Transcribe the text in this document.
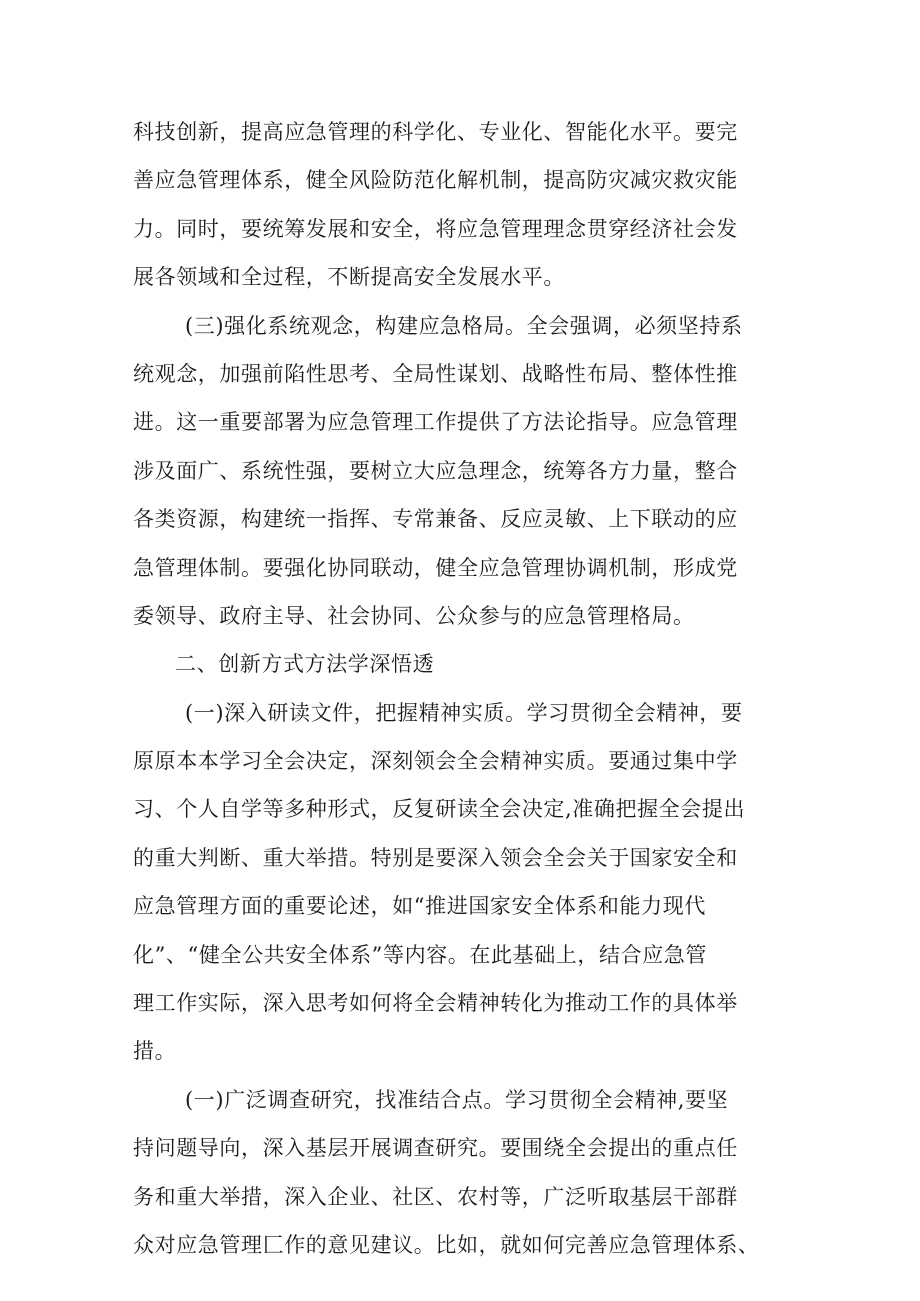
科技创新，提高应急管理的科学化、专业化、智能化水平。要完
善应急管理体系，健全风险防范化解机制，提高防灾减灾救灾能
力。同时，要统筹发展和安全，将应急管理理念贯穿经济社会发
展各领域和全过程，不断提高安全发展水平。
(三)强化系统观念，构建应急格局。全会强调，必须坚持系
统观念，加强前陷性思考、全局性谋划、战略性布局、整体性推
进。这一重要部署为应急管理工作提供了方法论指导。应急管理
涉及面广、系统性强，要树立大应急理念，统筹各方力量，整合
各类资源，构建统一指挥、专常兼备、反应灵敏、上下联动的应
急管理体制。要强化协同联动，健全应急管理协调机制，形成党
委领导、政府主导、社会协同、公众参与的应急管理格局。
二、创新方式方法学深悟透
(一)深入研读文件，把握精神实质。学习贯彻全会精神，要
原原本本学习全会决定，深刻领会全会精神实质。要通过集中学
习、个人自学等多种形式，反复研读全会决定,准确把握全会提出
的重大判断、重大举措。特别是要深入领会全会关于国家安全和
应急管理方面的重要论述，如“推进国家安全体系和能力现代
化”、“健全公共安全体系”等内容。在此基础上，结合应急管
理工作实际，深入思考如何将全会精神转化为推动工作的具体举
措。
(一)广泛调查研究，找准结合点。学习贯彻全会精神,要坚
持问题导向，深入基层开展调查研究。要围绕全会提出的重点任
务和重大举措，深入企业、社区、农村等，广泛听取基层干部群
众对应急管理匚作的意见建议。比如，就如何完善应急管理体系、
